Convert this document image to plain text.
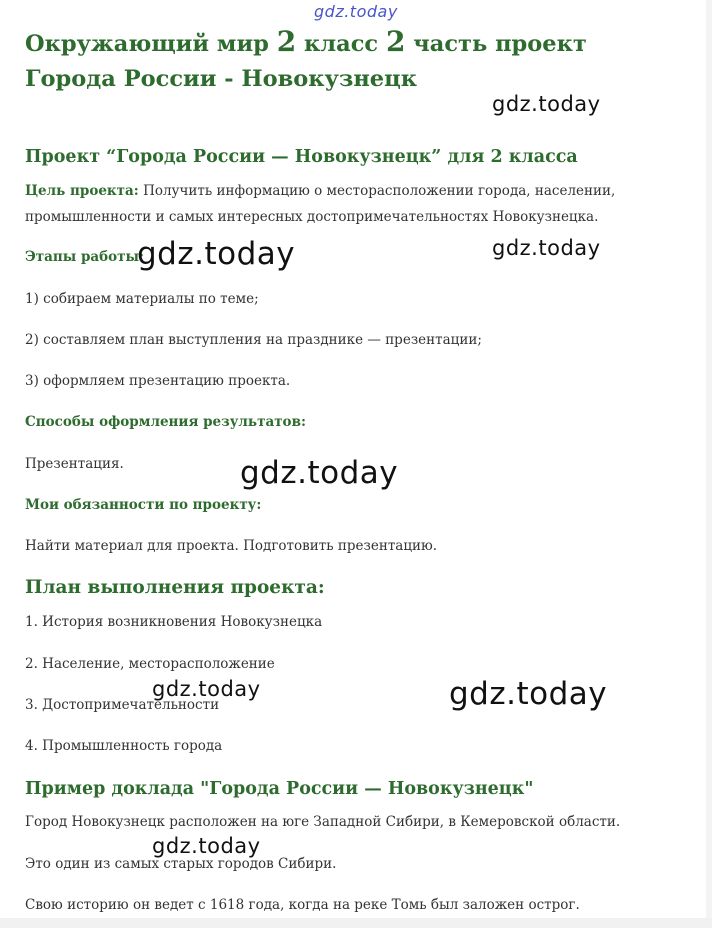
gdz.today
Окружающий мир 2 класс 2 часть проект Города России - Новокузнецк
gdz.today
Проект “Города России — Новокузнецк” для 2 класса
Цель проекта: Получить информацию о месторасположении города, населении, промышленности и самых интересных достопримечательностях Новокузнецка.
Этапы работы:
gdz.today	gdz.today
1) собираем материалы по теме;
2) составляем план выступления на празднике — презентации;
3) оформляем презентацию проекта.
Способы оформления результатов:
Презентация.	gdz.today
Мои обязанности по проекту:
Найти материал для проекта. Подготовить презентацию.
План выполнения проекта:
1. История возникновения Новокузнецка
2. Население, месторасположение
gdz.today	gdz.today
3. Достопримечательности
4. Промышленность города
Пример доклада "Города России — Новокузнецк"
Город Новокузнецк расположен на юге Западной Сибири, в Кемеровской области.
gdz.today
Это один из самых старых городов Сибири.
Свою историю он ведет с 1618 года, когда на реке Томь был заложен острог.
